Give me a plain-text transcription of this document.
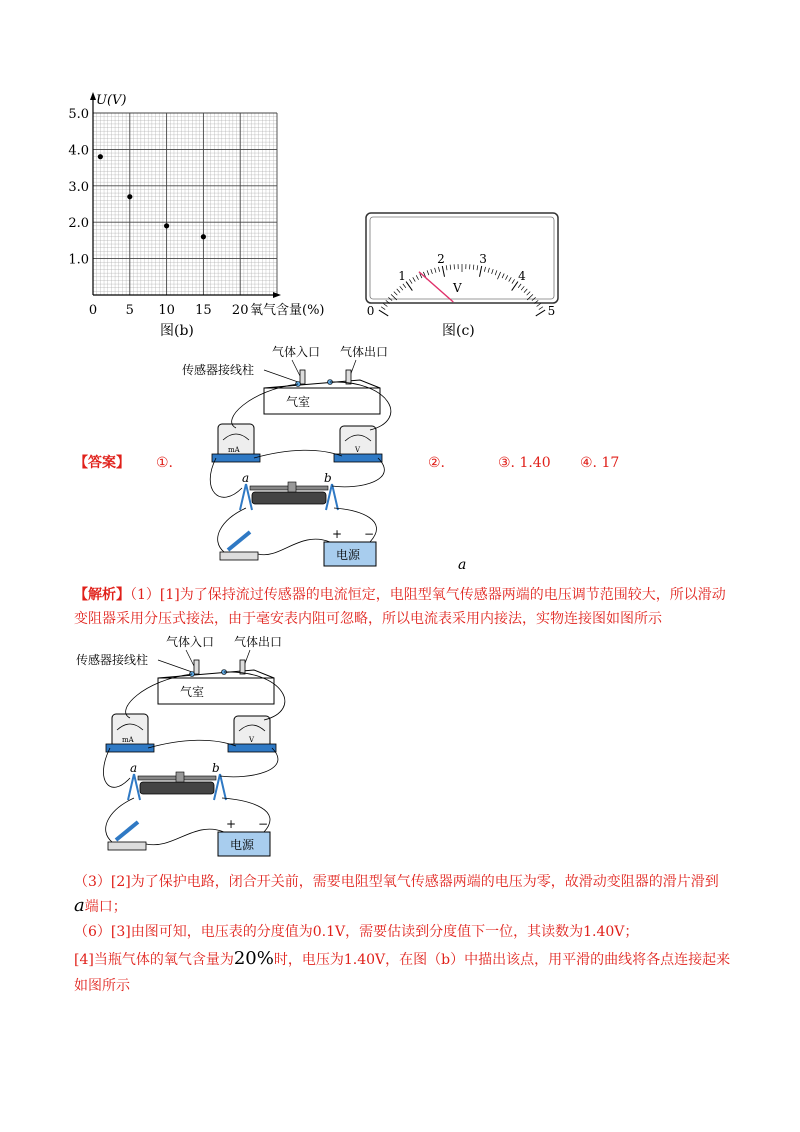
U(V)
5.0
4.0
3.0
2.0
1.0
0 5 10 15 20 氧气含量(%)
图(b)
0
1
2	3
4
5
V
图(c)
气体入口 气体出口
传感器接线柱
气室
mA	V
a	b
+ −
电源
【答案】 ①.	②.	③. 1.40 ④. 17
a
【解析】（1）[1]为了保持流过传感器的电流恒定，电阻型氧气传感器两端的电压调节范围较大，所以滑动变阻器采用分压式接法，由于毫安表内阻可忽略，所以电流表采用内接法，实物连接图如图所示
气体入口 气体出口
传感器接线柱
气室
mA	V
a	b
+ −
电源
（3）[2]为了保护电路，闭合开关前，需要电阻型氧气传感器两端的电压为零，故滑动变阻器的滑片滑到
a端口；
（6）[3]由图可知，电压表的分度值为0.1V，需要估读到分度值下一位，其读数为1.40V；
[4]当瓶气体的氧气含量为20%时，电压为1.40V，在图（b）中描出该点，用平滑的曲线将各点连接起来如图所示
